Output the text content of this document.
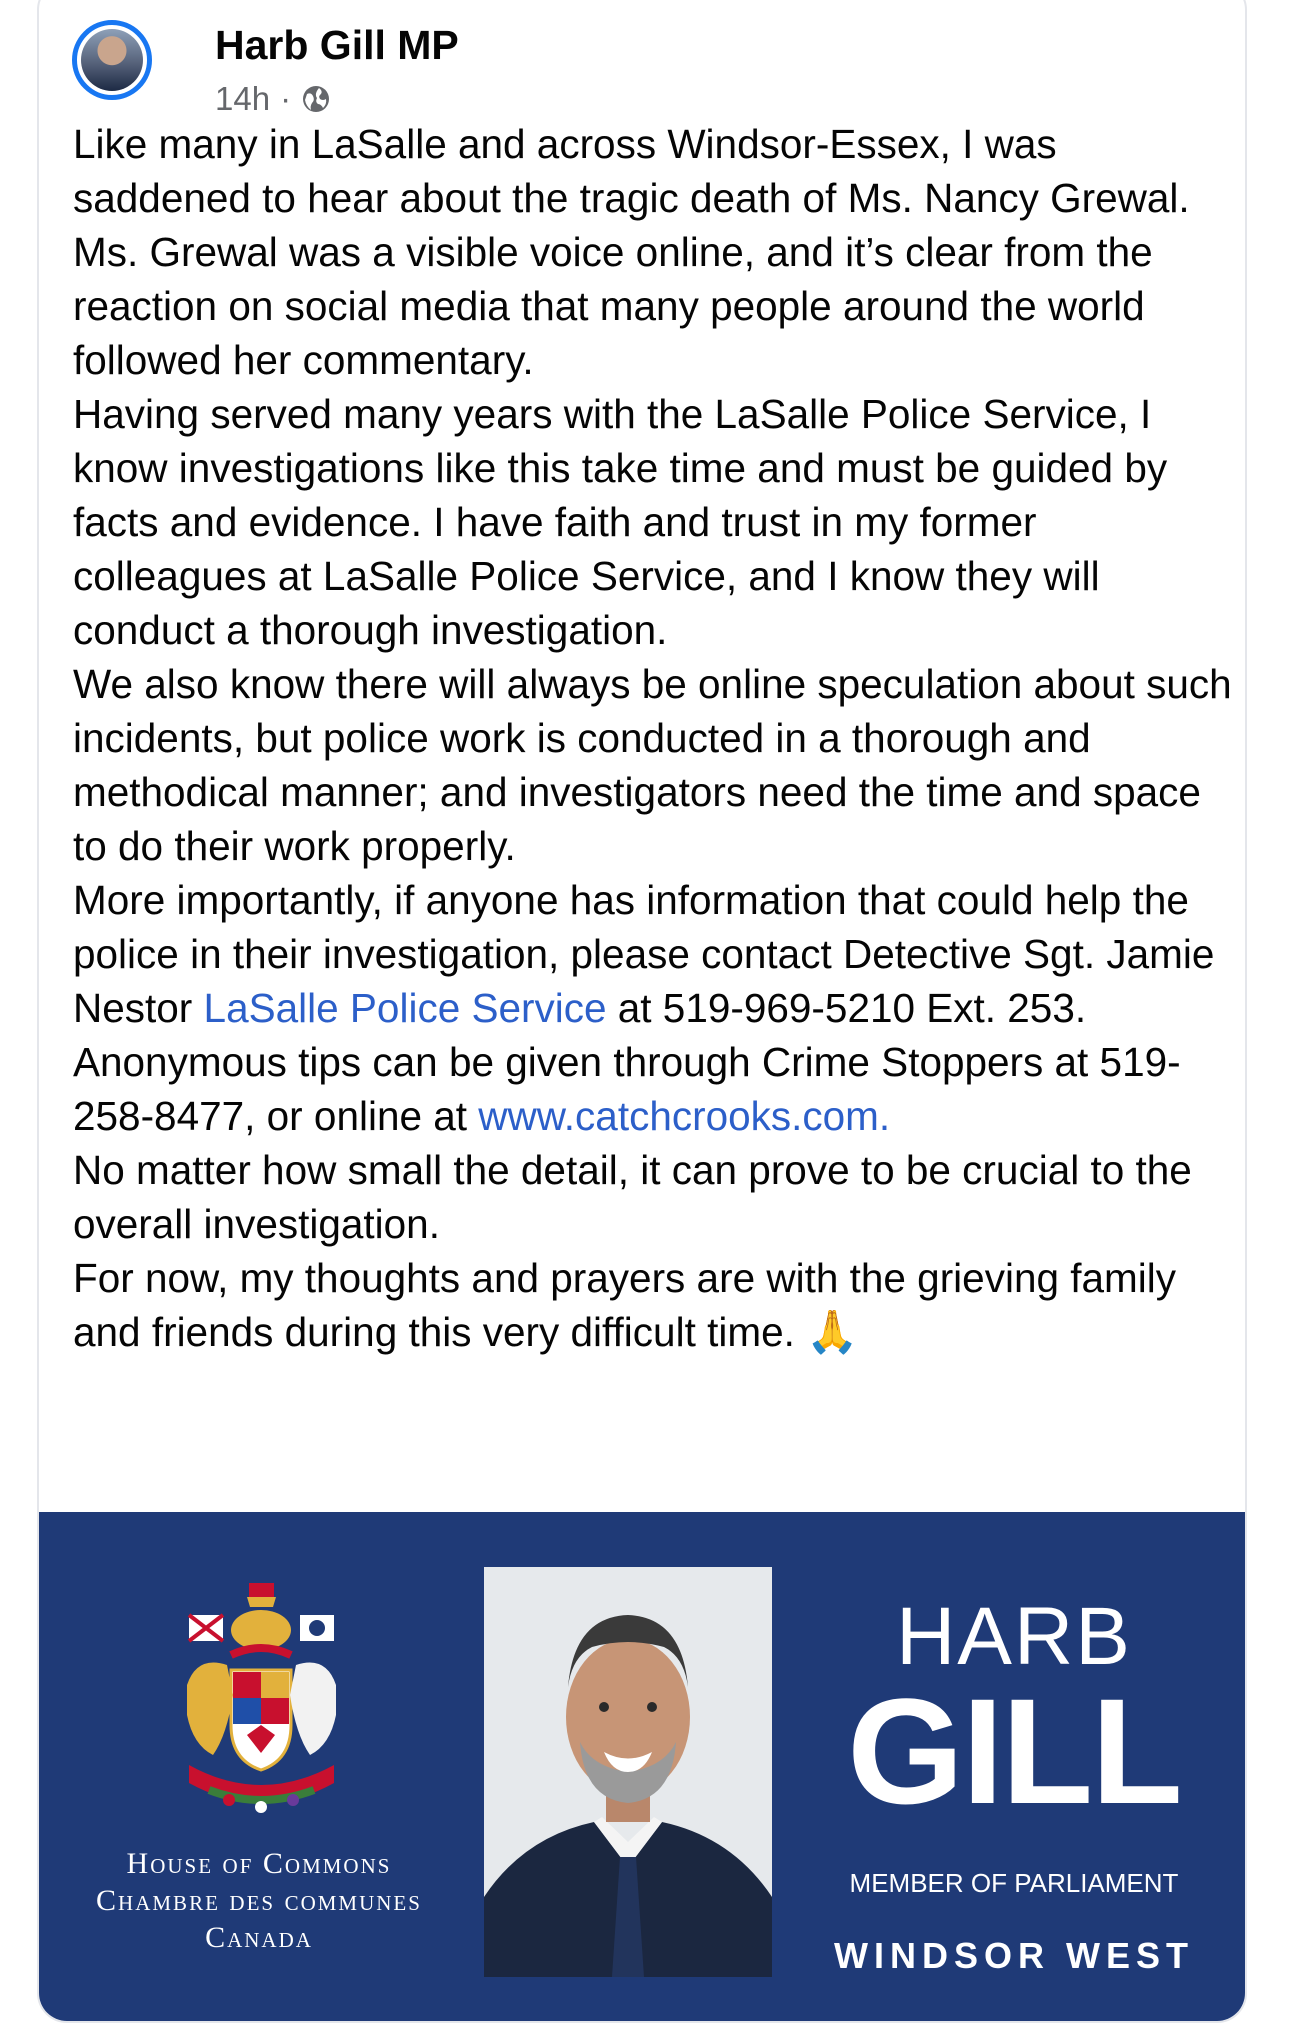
Harb Gill MP
14h ·

Like many in LaSalle and across Windsor-Essex, I was saddened to hear about the tragic death of Ms. Nancy Grewal.

Ms. Grewal was a visible voice online, and it’s clear from the reaction on social media that many people around the world followed her commentary.

Having served many years with the LaSalle Police Service, I know investigations like this take time and must be guided by facts and evidence. I have faith and trust in my former colleagues at LaSalle Police Service, and I know they will conduct a thorough investigation.

We also know there will always be online speculation about such incidents, but police work is conducted in a thorough and methodical manner; and investigators need the time and space to do their work properly.

More importantly, if anyone has information that could help the police in their investigation, please contact Detective Sgt. Jamie Nestor LaSalle Police Service at 519-969-5210 Ext. 253. Anonymous tips can be given through Crime Stoppers at 519-258-8477, or online at www.catchcrooks.com.

No matter how small the detail, it can prove to be crucial to the overall investigation.

For now, my thoughts and prayers are with the grieving family and friends during this very difficult time. 🙏

House of Commons
Chambre des communes
Canada
HARB
GILL
MEMBER OF PARLIAMENT
WINDSOR WEST
